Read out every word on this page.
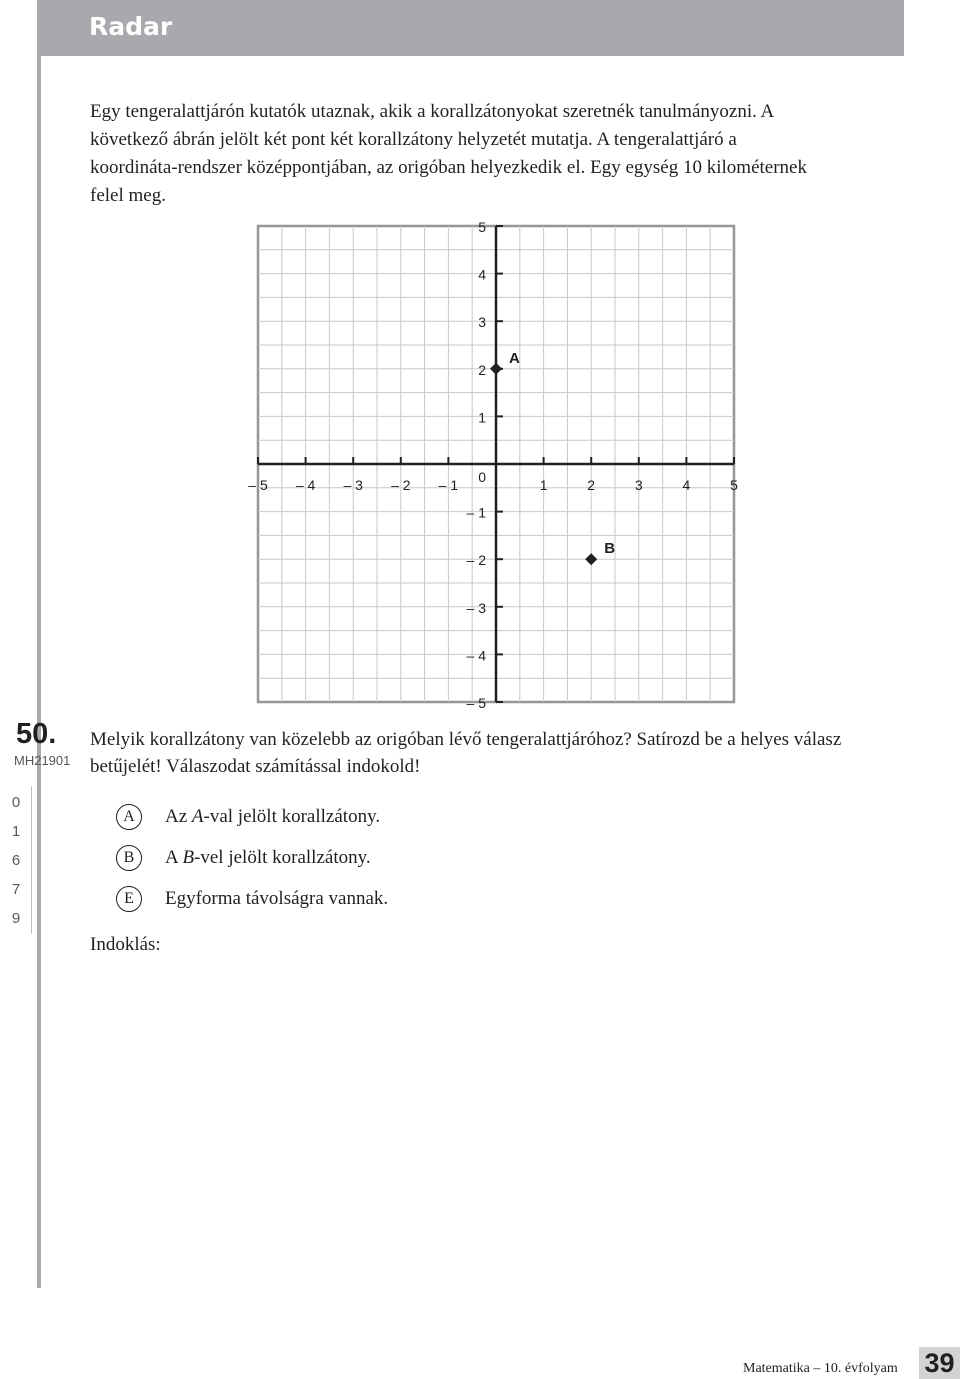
Radar

Egy tengeralattjárón kutatók utaznak, akik a korallzátonyokat szeretnék tanulmányozni. A következő ábrán jelölt két pont két korallzátony helyzetét mutatja. A tengeralattjáró a koordináta-rendszer középpontjában, az origóban helyezkedik el. Egy egység 10 kilométernek felel meg.

– 5 – 4 – 3 – 2 – 1	1	2	3	4	5
5
4
3
2
1
– 1
– 2
– 3
– 4
– 5
0
A
B
50.
MH21901

Melyik korallzátony van közelebb az origóban lévő tengeralattjáróhoz? Satírozd be a helyes válasz betűjelét! Válaszodat számítással indokold!

0
1
6
7
9
A	Az A-val jelölt korallzátony.
B	A B-vel jelölt korallzátony.
E	Egyforma távolságra vannak.
Indoklás:
Matematika – 10. évfolyam 39
